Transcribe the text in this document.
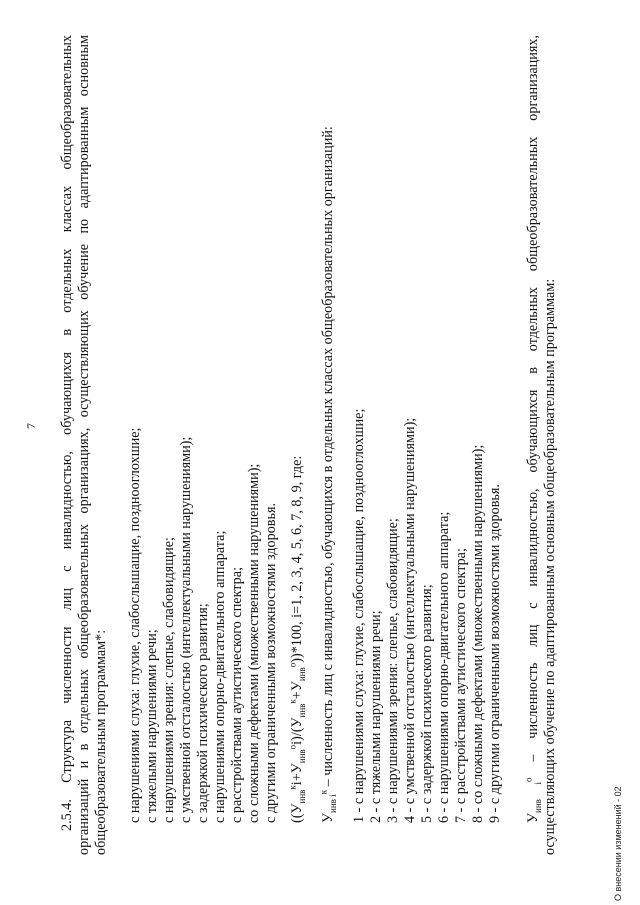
7 2.5.4. Структура численности лиц с инвалидностью, обучающихся в отдельных классах общеобразовательных организаций и в отдельных общеобразовательных организациях, осуществляющих обучение по адаптированным основным общеобразовательным программам*: с нарушениями слуха: глухие, слабослышащие, позднооглохшие; с тяжелыми нарушениями речи; с нарушениями зрения: слепые, слабовидящие; с умственной отсталостью (интеллектуальными нарушениями); с задержкой психического развития; с нарушениями опорно-двигательного аппарата; с расстройствами аутистического спектра; со сложными дефектами (множественными нарушениями); с другими ограниченными возможностями здоровья. $((У_{инв}^кi+У_{инв}^оi)/(У_{инв}^к+У_{инв}^о))*100$, i=1, 2, 3, 4, 5, 6, 7, 8, 9, где:
$У_{инв i}^к$ – численность лиц с инвалидностью, обучающихся в отдельных классах общеобразовательных организаций: 1 - с нарушениями слуха: глухие, слабослышащие, позднооглохшие; 2 - с тяжелыми нарушениями речи; 3 - с нарушениями зрения: слепые, слабовидящие; 4 - с умственной отсталостью (интеллектуальными нарушениями); 5 - с задержкой психического развития; 6 - с нарушениями опорно-двигательного аппарата; 7 - с расстройствами аутистического спектра; 8 - со сложными дефектами (множественными нарушениями); 9 - с другими ограниченными возможностями здоровья. $У_{инв i}^о$ – численность лиц с инвалидностью, обучающихся в отдельных общеобразовательных организациях, осуществляющих обучение по адаптированным основным общеобразовательным программам:	О внесении изменений - 02
